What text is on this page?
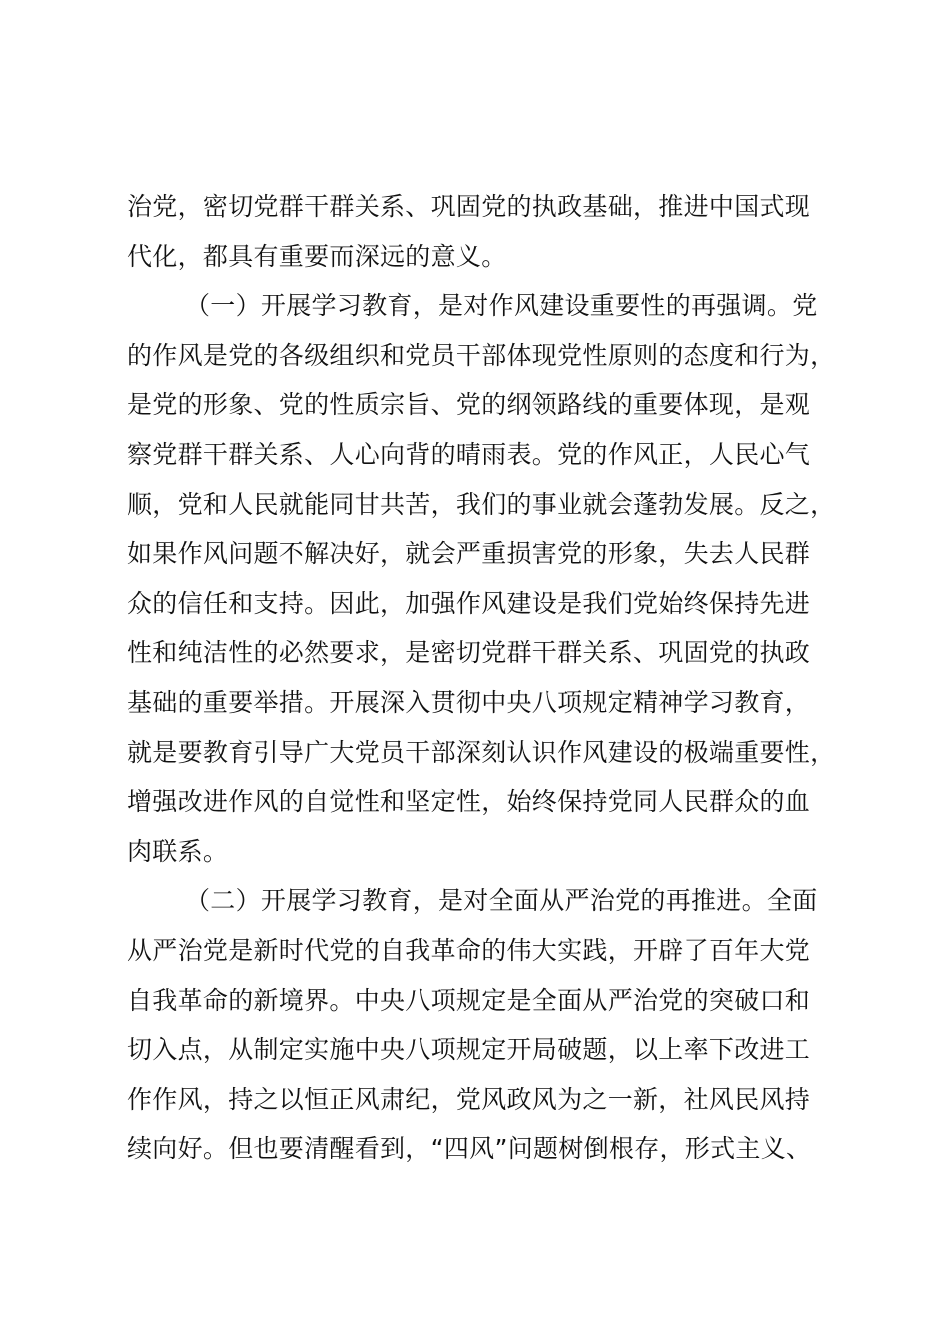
治党，密切党群干群关系、巩固党的执政基础，推进中国式现
代化，都具有重要而深远的意义。
（一）开展学习教育，是对作风建设重要性的再强调。党
的作风是党的各级组织和党员干部体现党性原则的态度和行为，
是党的形象、党的性质宗旨、党的纲领路线的重要体现，是观
察党群干群关系、人心向背的晴雨表。党的作风正，人民心气
顺，党和人民就能同甘共苦，我们的事业就会蓬勃发展。反之，
如果作风问题不解决好，就会严重损害党的形象，失去人民群
众的信任和支持。因此，加强作风建设是我们党始终保持先进
性和纯洁性的必然要求，是密切党群干群关系、巩固党的执政
基础的重要举措。开展深入贯彻中央八项规定精神学习教育，
就是要教育引导广大党员干部深刻认识作风建设的极端重要性，
增强改进作风的自觉性和坚定性，始终保持党同人民群众的血
肉联系。
（二）开展学习教育，是对全面从严治党的再推进。全面
从严治党是新时代党的自我革命的伟大实践，开辟了百年大党
自我革命的新境界。中央八项规定是全面从严治党的突破口和
切入点，从制定实施中央八项规定开局破题，以上率下改进工
作作风，持之以恒正风肃纪，党风政风为之一新，社风民风持
续向好。但也要清醒看到，“四风”问题树倒根存，形式主义、
